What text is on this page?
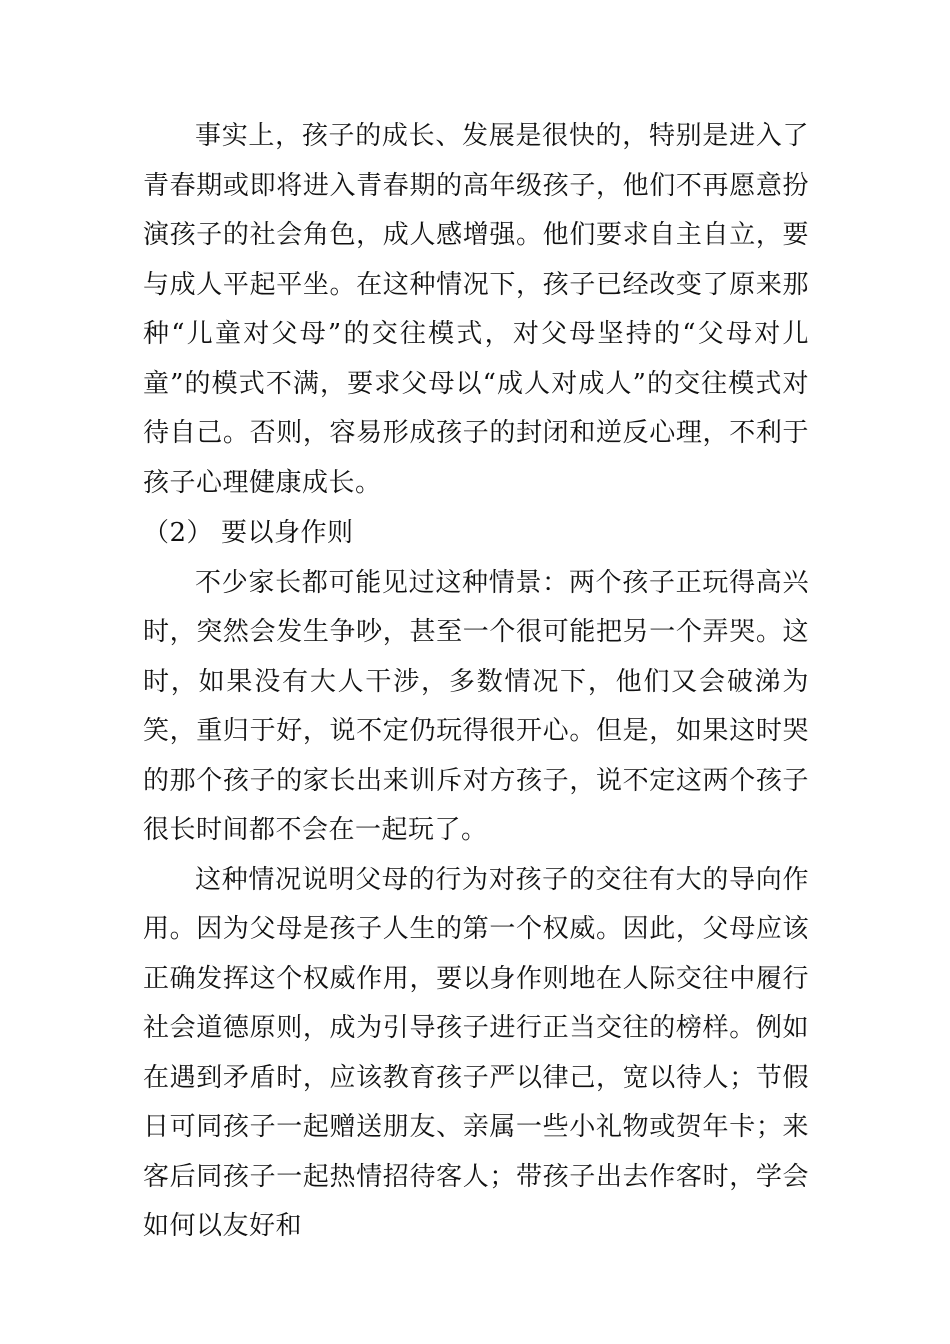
事实上，孩子的成长、发展是很快的，特别是进入了青春期或即将进入青春期的高年级孩子，他们不再愿意扮演孩子的社会角色，成人感增强。他们要求自主自立，要与成人平起平坐。在这种情况下，孩子已经改变了原来那种“儿童对父母”的交往模式，对父母坚持的“父母对儿童”的模式不满，要求父母以“成人对成人”的交往模式对待自己。否则，容易形成孩子的封闭和逆反心理，不利于孩子心理健康成长。

（2） 要以身作则

不少家长都可能见过这种情景：两个孩子正玩得高兴时，突然会发生争吵，甚至一个很可能把另一个弄哭。这时，如果没有大人干涉，多数情况下，他们又会破涕为笑，重归于好，说不定仍玩得很开心。但是，如果这时哭的那个孩子的家长出来训斥对方孩子，说不定这两个孩子很长时间都不会在一起玩了。

这种情况说明父母的行为对孩子的交往有大的导向作用。因为父母是孩子人生的第一个权威。因此，父母应该正确发挥这个权威作用，要以身作则地在人际交往中履行社会道德原则，成为引导孩子进行正当交往的榜样。例如在遇到矛盾时，应该教育孩子严以律己，宽以待人；节假日可同孩子一起赠送朋友、亲属一些小礼物或贺年卡；来客后同孩子一起热情招待客人；带孩子出去作客时，学会如何以友好和
